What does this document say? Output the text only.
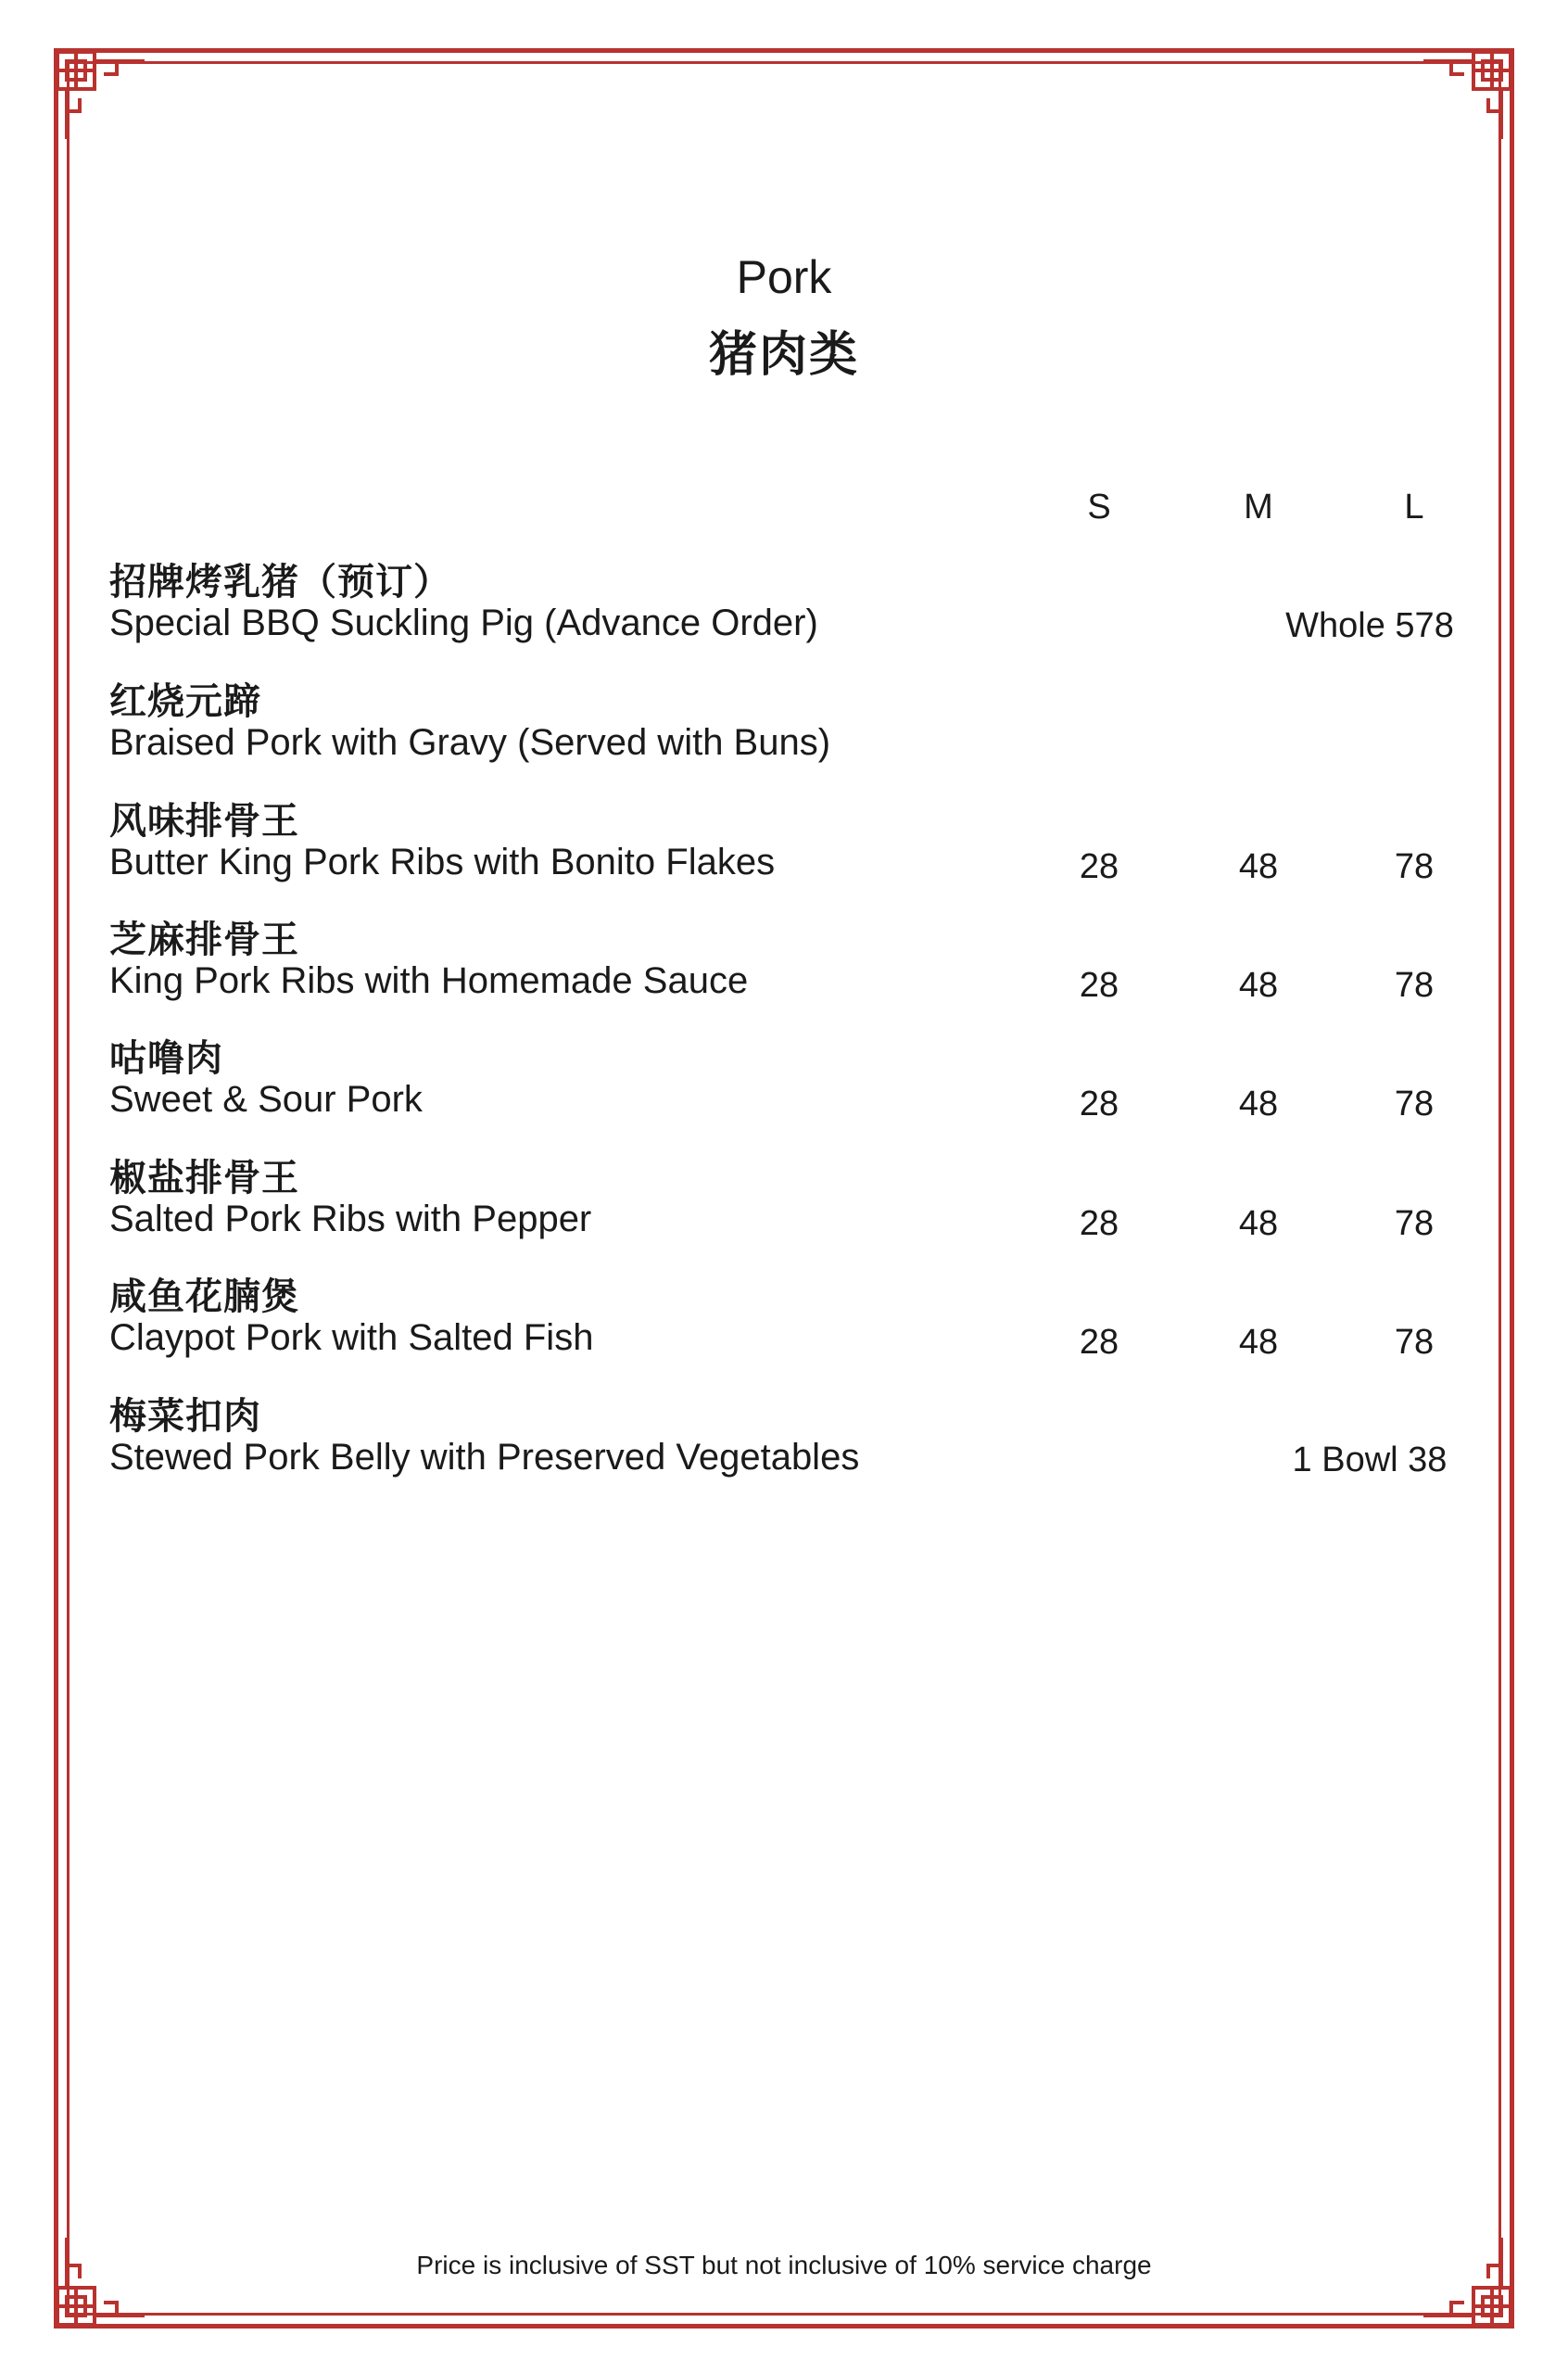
Pork
猪肉类
S	M	L
招牌烤乳猪（预订）
Special BBQ Suckling Pig (Advance Order)	Whole 578
红烧元蹄
Braised Pork with Gravy (Served with Buns)
风味排骨王
Butter King Pork Ribs with Bonito Flakes	28	48	78
芝麻排骨王
King Pork Ribs with Homemade Sauce	28	48	78
咕噜肉
Sweet & Sour Pork	28	48	78
椒盐排骨王
Salted Pork Ribs with Pepper	28	48	78
咸鱼花腩煲
Claypot Pork with Salted Fish	28	48	78
梅菜扣肉
Stewed Pork Belly with Preserved Vegetables	1 Bowl 38
Price is inclusive of SST but not inclusive of 10% service charge
